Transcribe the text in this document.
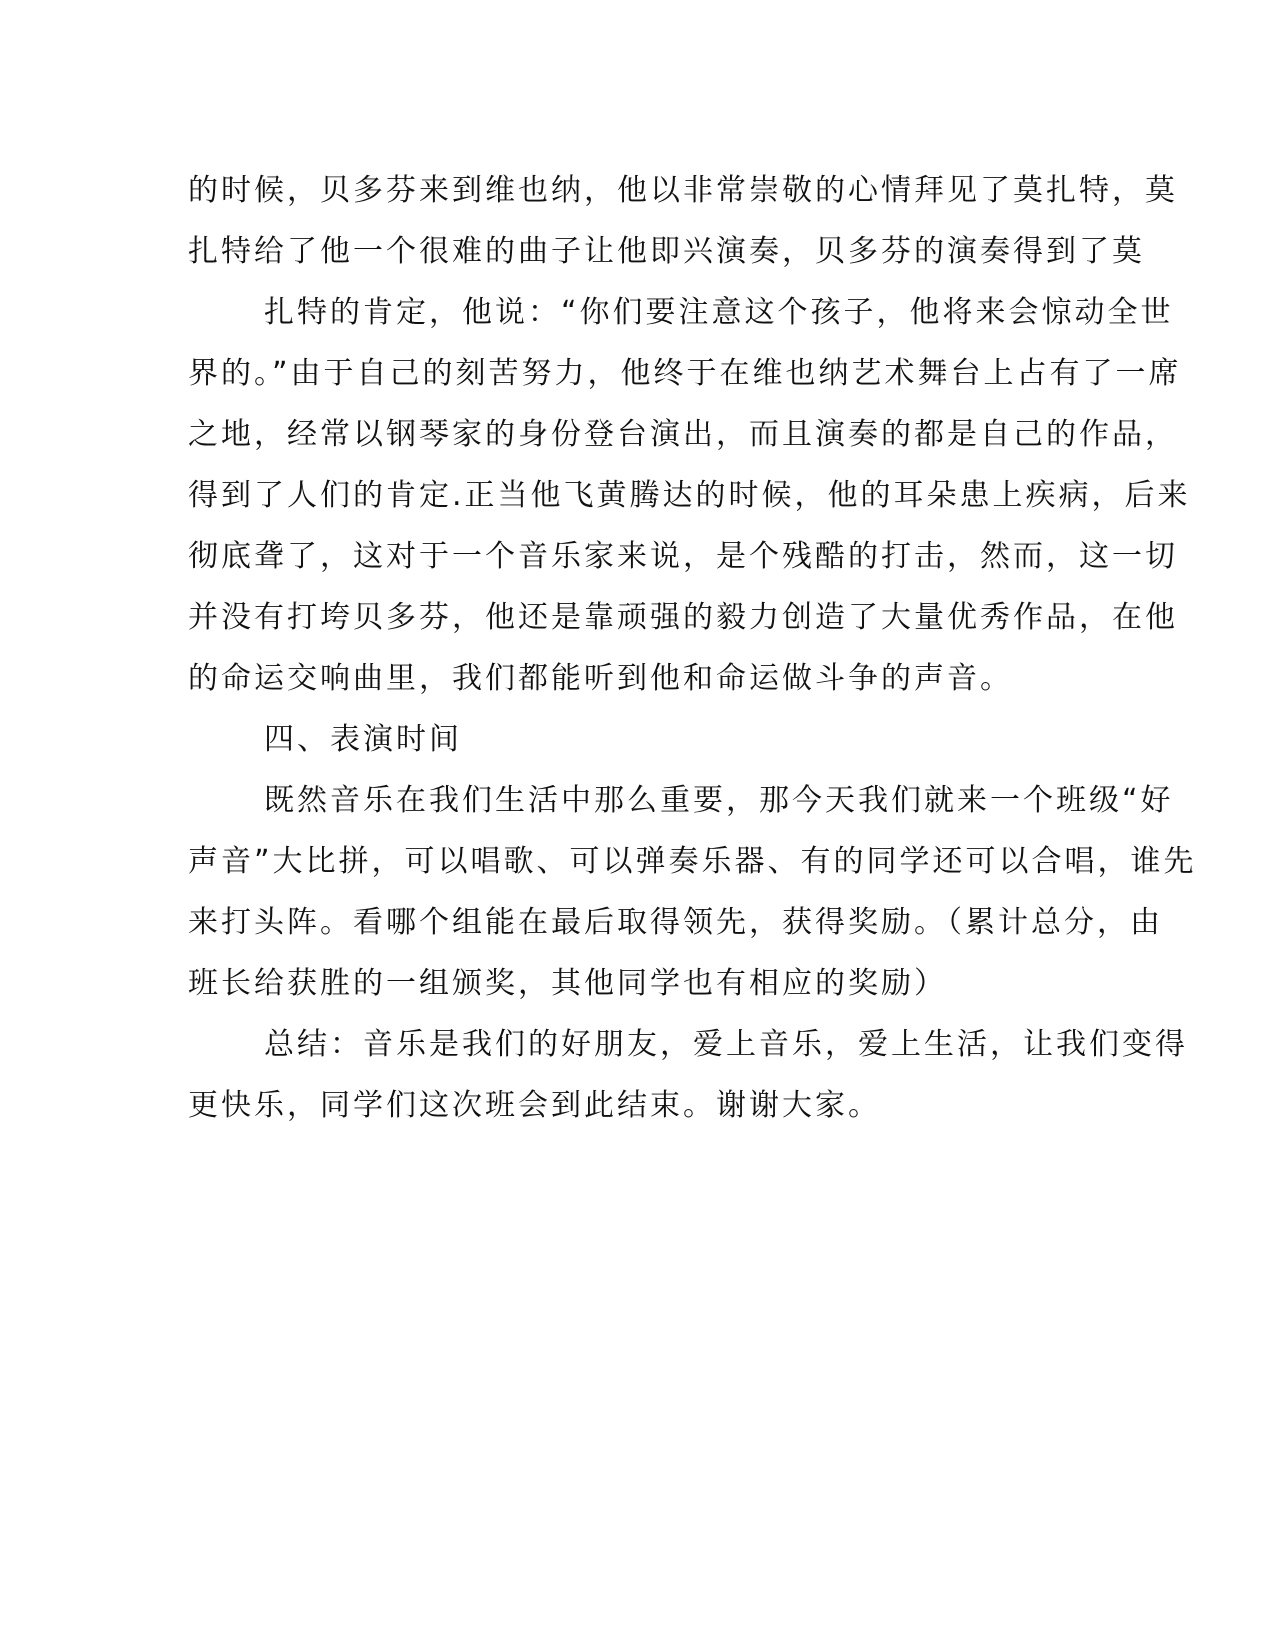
的时候，贝多芬来到维也纳，他以非常崇敬的心情拜见了莫扎特，莫
扎特给了他一个很难的曲子让他即兴演奏，贝多芬的演奏得到了莫
扎特的肯定，他说：“你们要注意这个孩子，他将来会惊动全世
界的。”由于自己的刻苦努力，他终于在维也纳艺术舞台上占有了一席
之地，经常以钢琴家的身份登台演出，而且演奏的都是自己的作品，
得到了人们的肯定.正当他飞黄腾达的时候，他的耳朵患上疾病，后来
彻底聋了，这对于一个音乐家来说，是个残酷的打击，然而，这一切
并没有打垮贝多芬，他还是靠顽强的毅力创造了大量优秀作品，在他
的命运交响曲里，我们都能听到他和命运做斗争的声音。
四、表演时间
既然音乐在我们生活中那么重要，那今天我们就来一个班级“好
声音”大比拼，可以唱歌、可以弹奏乐器、有的同学还可以合唱，谁先
来打头阵。看哪个组能在最后取得领先，获得奖励。（累计总分，由
班长给获胜的一组颁奖，其他同学也有相应的奖励）
总结：音乐是我们的好朋友，爱上音乐，爱上生活，让我们变得
更快乐，同学们这次班会到此结束。谢谢大家。
